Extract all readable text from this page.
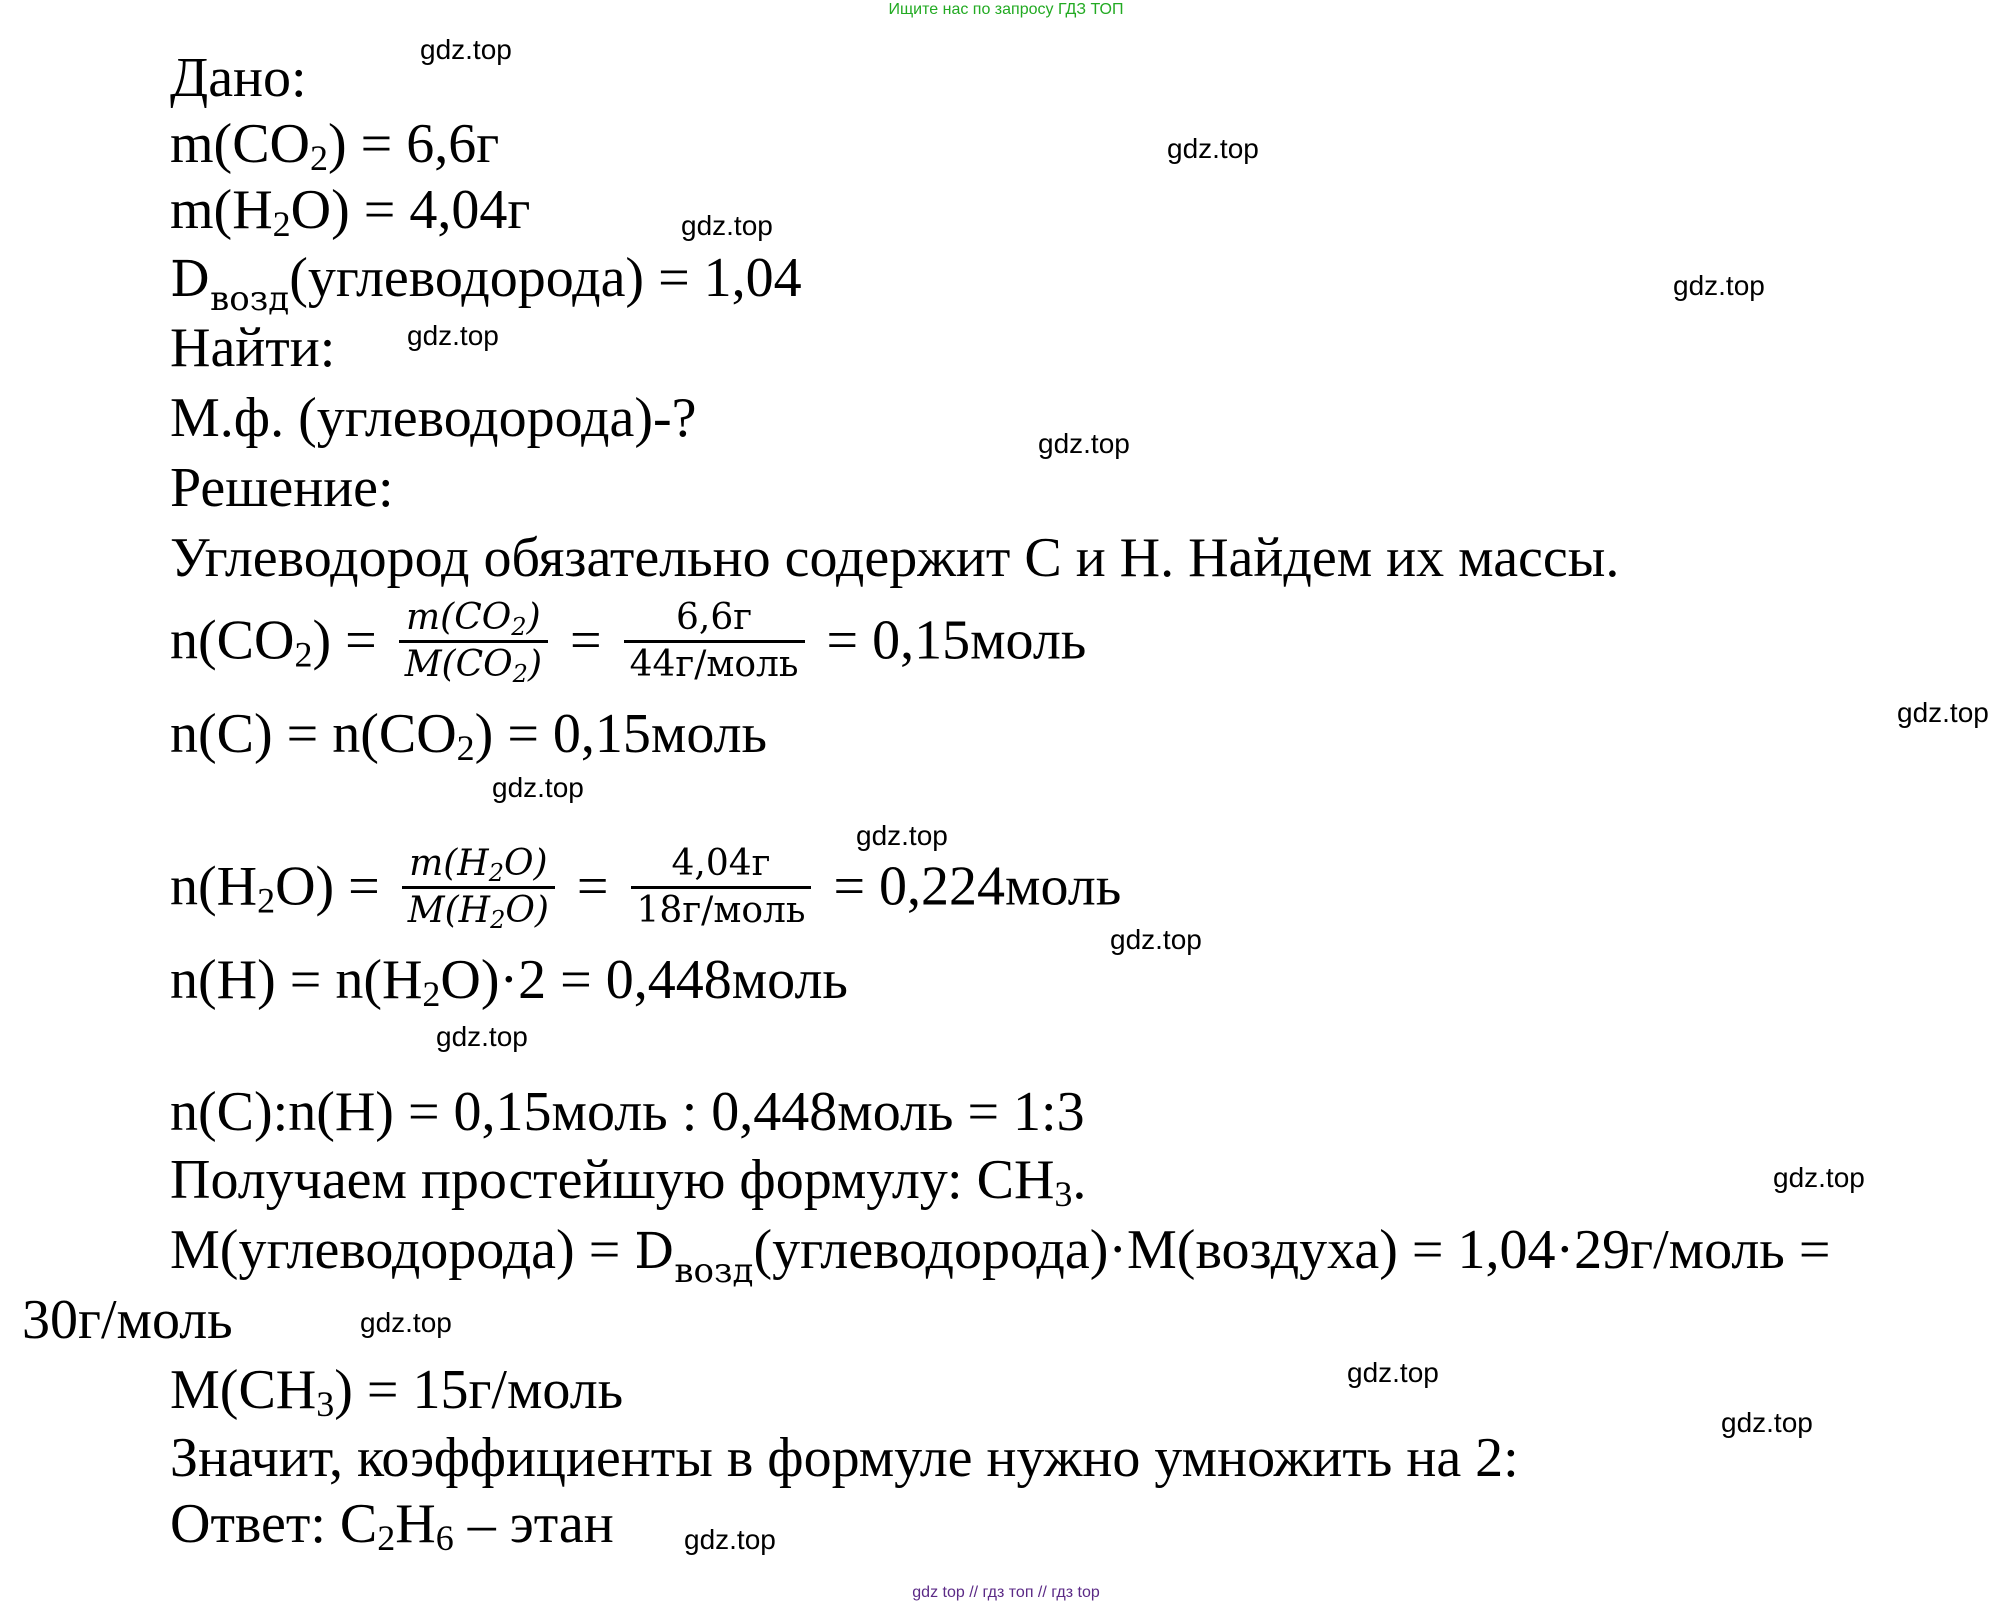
Ищите нас по запросу ГДЗ ТОП
gdz.top
gdz.top
gdz.top
gdz.top
gdz.top
gdz.top
gdz.top
gdz.top
gdz.top
gdz.top
gdz.top
gdz.top
gdz.top
gdz.top
gdz.top
gdz.top
Дано:
$m(CO_2) = 6,6г$
$m(H_2O) = 4,04г$
$D_{возд}(углеводорода) = 1,04$
Найти:
М.ф. (углеводорода)-?
Решение:
Углеводород обязательно содержит C и H. Найдем их массы.
$n(CO_2) = \frac{m(CO_2)}{M(CO_2)} = \frac{6,6г}{\text{44г/моль}}$ = 0,15моль
$n(C) = n(CO_2)$ = 0,15моль
$n(H_2O) = \frac{m(H_2O)}{M(H_2O)} = \frac{4,04г}{\text{18г/моль}}$ = 0,224моль
$n(H) = n(H_2O)\cdot 2$ = 0,448моль
n(C):n(H) = 0,15моль : 0,448моль = 1:3
Получаем простейшую формулу: $CH_3$.
M(углеводорода) = $D_{возд}(углеводорода)\cdot M(воздуха)$ = 1,04·29г/моль =
30г/моль
$M(CH_3)$ = 15г/моль
Значит, коэффициенты в формуле нужно умножить на 2:
Ответ: $C_2H_6$ – этан
gdz top // гдз топ // гдз top
